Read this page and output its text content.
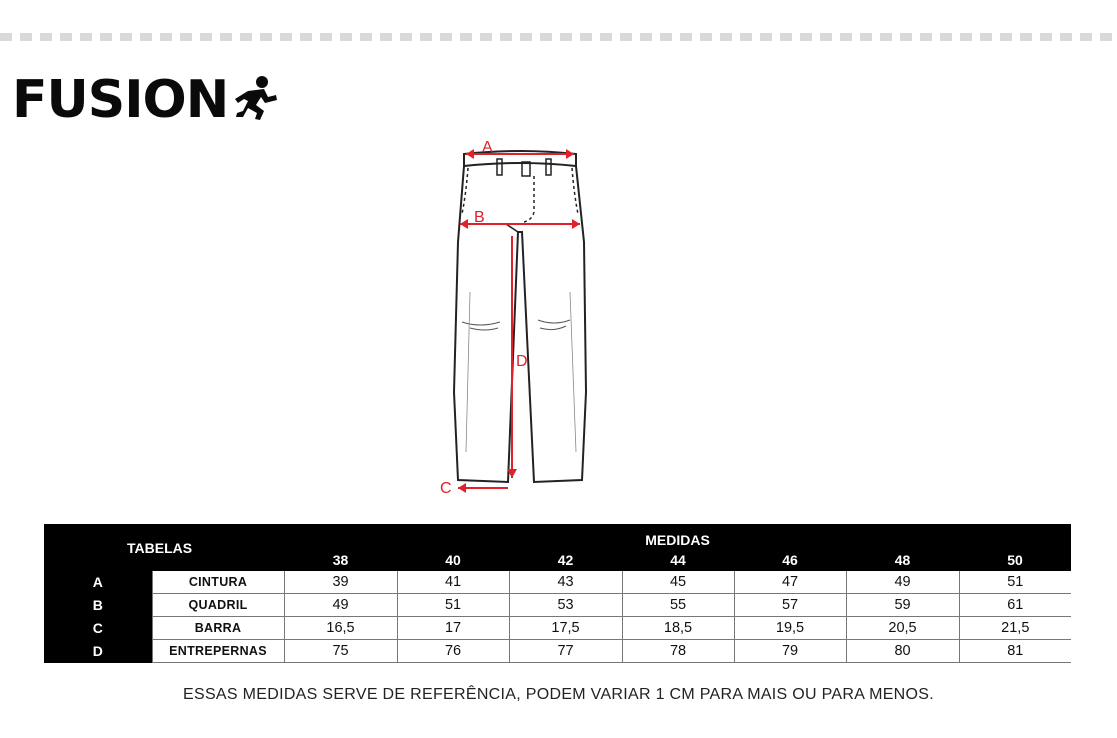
FUSION
A
B
D
C
TABELAS		MEDIDAS						
		38	40	42	44	46	48	50
A	CINTURA	39	41	43	45	47	49	51
B	QUADRIL	49	51	53	55	57	59	61
C	BARRA	16,5	17	17,5	18,5	19,5	20,5	21,5
D	ENTREPERNAS	75	76	77	78	79	80	81
ESSAS MEDIDAS SERVE DE REFERÊNCIA, PODEM VARIAR 1 CM PARA MAIS OU PARA MENOS.
